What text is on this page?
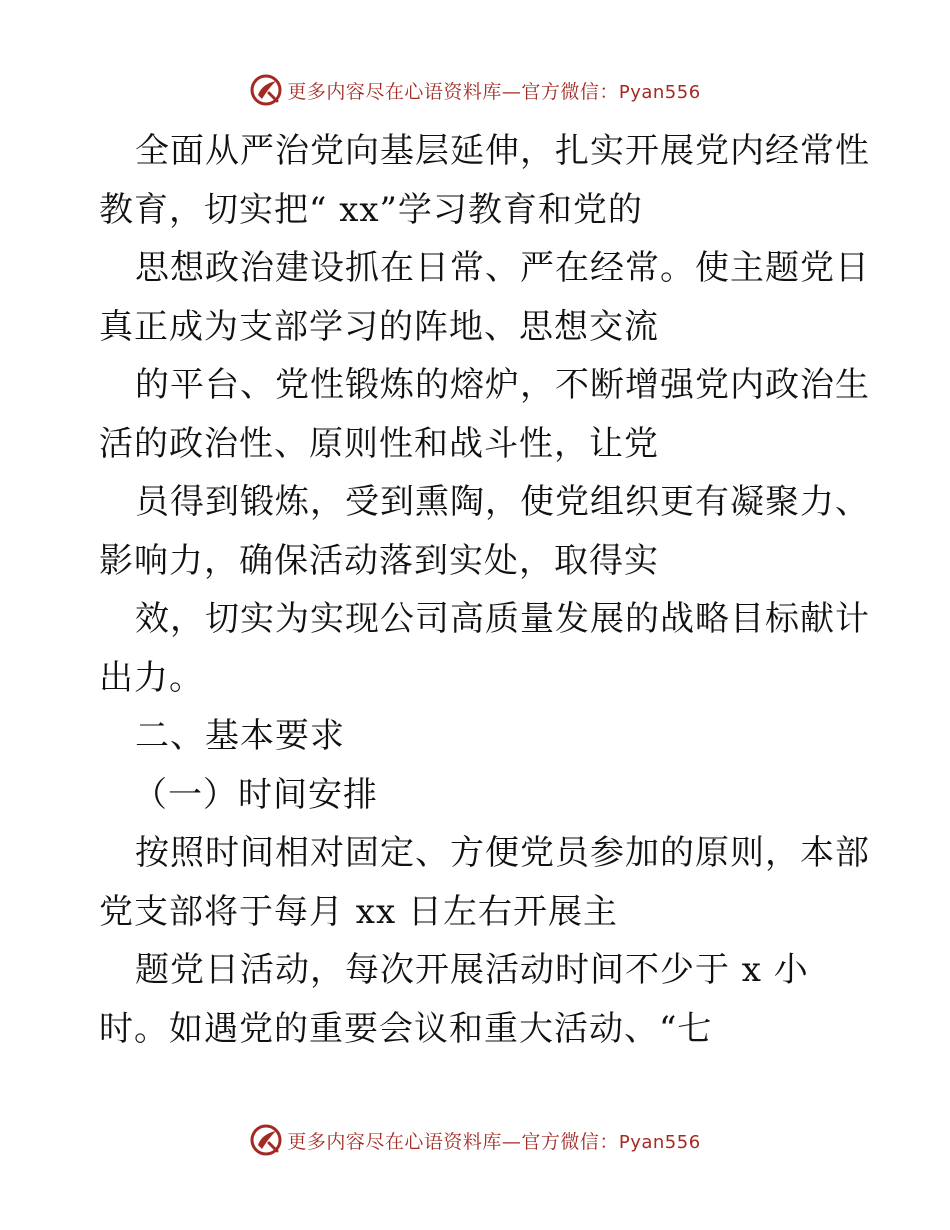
更多内容尽在心语资料库—官方微信：Pyan556
全面从严治党向基层延伸，扎实开展党内经常性
教育，切实把“ xx”学习教育和党的
思想政治建设抓在日常、严在经常。使主题党日
真正成为支部学习的阵地、思想交流
的平台、党性锻炼的熔炉，不断增强党内政治生
活的政治性、原则性和战斗性，让党
员得到锻炼，受到熏陶，使党组织更有凝聚力、
影响力，确保活动落到实处，取得实
效，切实为实现公司高质量发展的战略目标献计
出力。
二、基本要求
（一）时间安排
按照时间相对固定、方便党员参加的原则，本部
党支部将于每月 xx 日左右开展主
题党日活动，每次开展活动时间不少于 x 小
时。如遇党的重要会议和重大活动、“七
更多内容尽在心语资料库—官方微信：Pyan556
